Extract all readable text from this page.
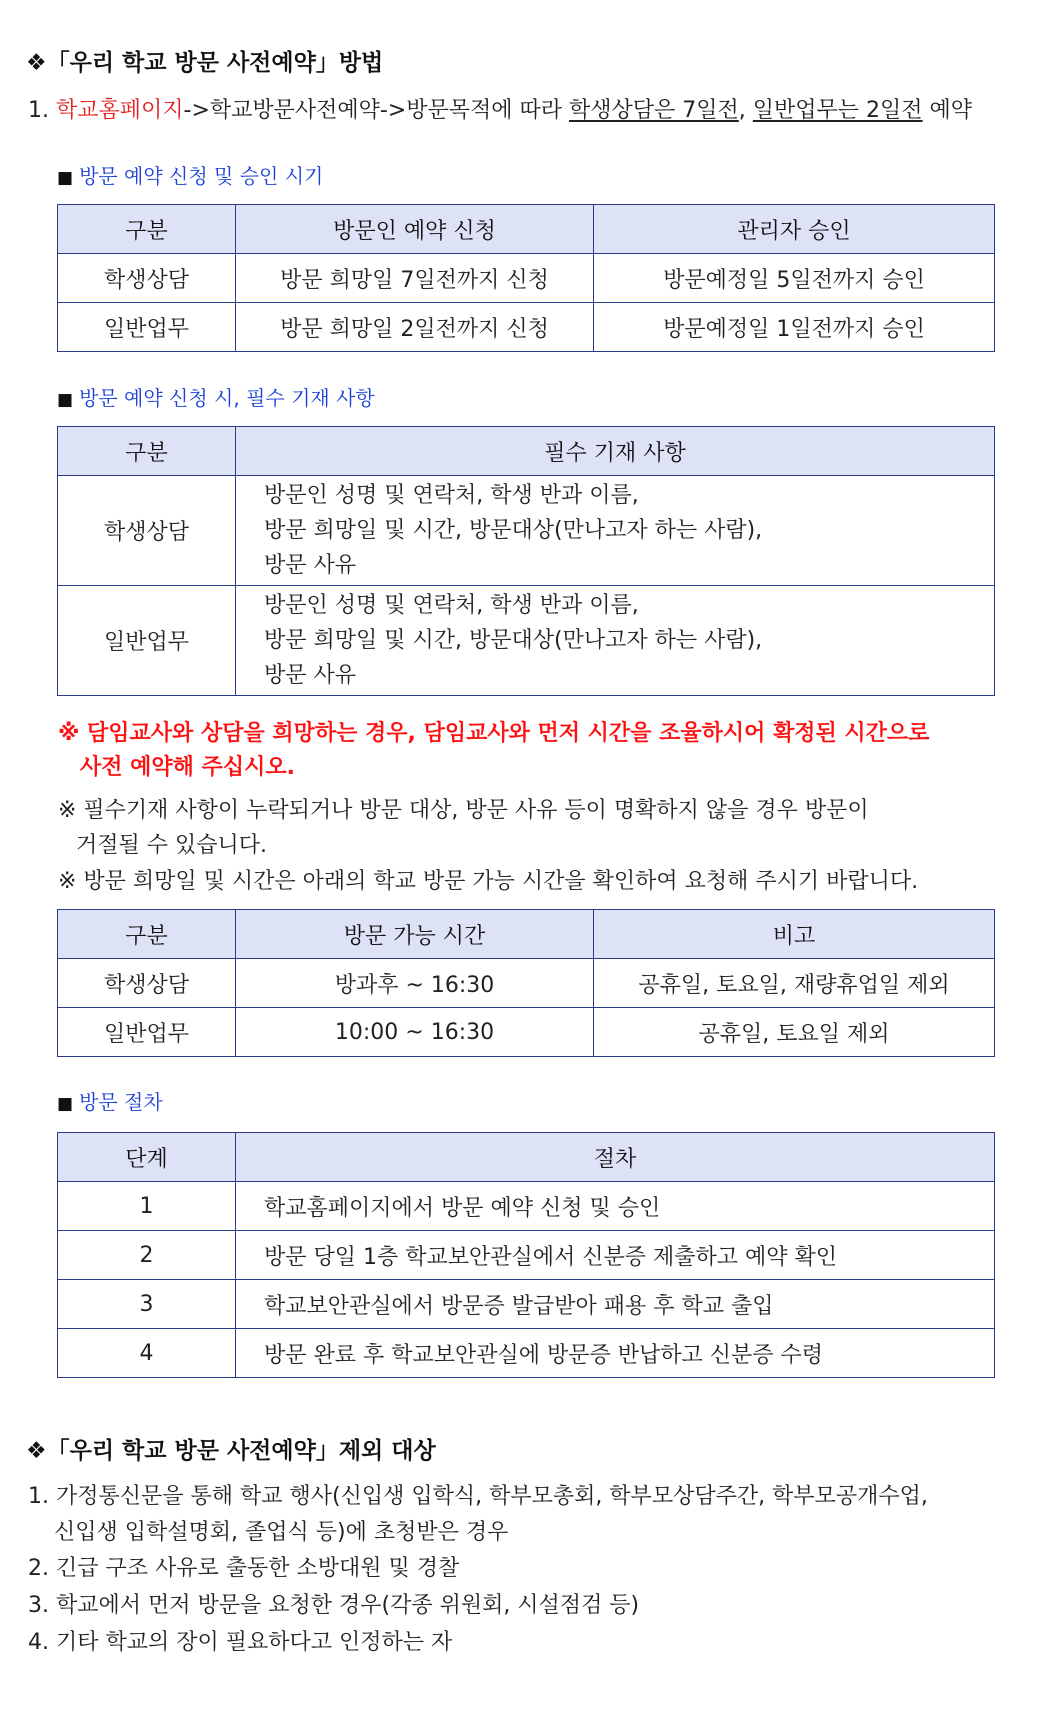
❖「우리 학교 방문 사전예약」방법
1. 학교홈페이지->학교방문사전예약->방문목적에 따라 학생상담은 7일전, 일반업무는 2일전 예약
■ 방문 예약 신청 및 승인 시기
구분	방문인 예약 신청	관리자 승인
학생상담	방문 희망일 7일전까지 신청	방문예정일 5일전까지 승인
일반업무	방문 희망일 2일전까지 신청	방문예정일 1일전까지 승인
■ 방문 예약 신청 시, 필수 기재 사항
구분	필수 기재 사항
학생상담	방문인 성명 및 연락처, 학생 반과 이름,
방문 희망일 및 시간, 방문대상(만나고자 하는 사람),
방문 사유

일반업무	방문인 성명 및 연락처, 학생 반과 이름,
방문 희망일 및 시간, 방문대상(만나고자 하는 사람),
방문 사유
※ 담임교사와 상담을 희망하는 경우, 담임교사와 먼저 시간을 조율하시어 확정된 시간으로
사전 예약해 주십시오.
※ 필수기재 사항이 누락되거나 방문 대상, 방문 사유 등이 명확하지 않을 경우 방문이
거절될 수 있습니다.
※ 방문 희망일 및 시간은 아래의 학교 방문 가능 시간을 확인하여 요청해 주시기 바랍니다.
구분	방문 가능 시간	비고
학생상담	방과후 ~ 16:30	공휴일, 토요일, 재량휴업일 제외
일반업무	10:00 ~ 16:30	공휴일, 토요일 제외
■ 방문 절차
단계	절차
1	학교홈페이지에서 방문 예약 신청 및 승인
2	방문 당일 1층 학교보안관실에서 신분증 제출하고 예약 확인
3	학교보안관실에서 방문증 발급받아 패용 후 학교 출입
4	방문 완료 후 학교보안관실에 방문증 반납하고 신분증 수령
❖「우리 학교 방문 사전예약」제외 대상
1. 가정통신문을 통해 학교 행사(신입생 입학식, 학부모총회, 학부모상담주간, 학부모공개수업,
신입생 입학설명회, 졸업식 등)에 초청받은 경우
2. 긴급 구조 사유로 출동한 소방대원 및 경찰
3. 학교에서 먼저 방문을 요청한 경우(각종 위원회, 시설점검 등)
4. 기타 학교의 장이 필요하다고 인정하는 자
